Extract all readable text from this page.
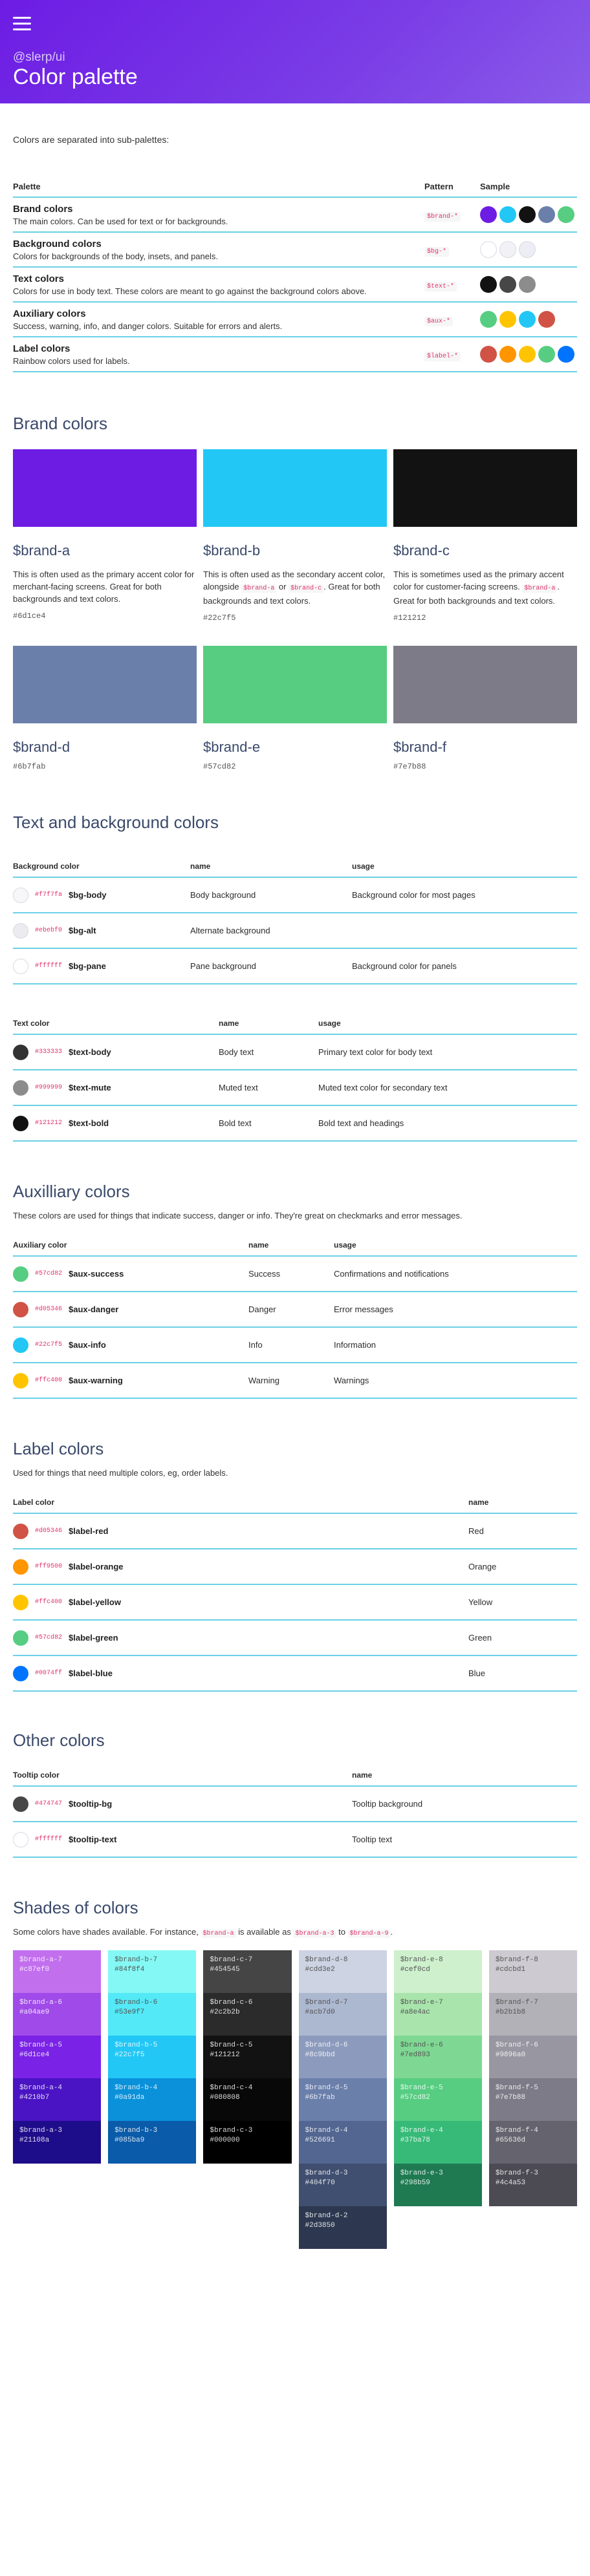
@slerp/ui
Color palette

Colors are separated into sub-palettes:

Palette	Pattern	Sample
Brand colors
The main colors. Can be used for text or for backgrounds.	$brand-*
Background colors
Colors for backgrounds of the body, insets, and panels.	$bg-*
Text colors
Colors for use in body text. These colors are meant to go against the background colors above.	$text-*
Auxiliary colors
Success, warning, info, and danger colors. Suitable for errors and alerts.	$aux-*
Label colors
Rainbow colors used for labels.	$label-*
Brand colors
$brand-a
This is often used as the primary accent color for merchant-facing screens. Great for both backgrounds and text colors.
#6d1ce4
$brand-b
This is often used as the secondary accent color, alongside $brand-a or $brand-c . Great for both backgrounds and text colors.
#22c7f5
$brand-c
This is sometimes used as the primary accent color for customer-facing screens. $brand-a . Great for both backgrounds and text colors.
#121212
$brand-d
#6b7fab
$brand-e
#57cd82
$brand-f
#7e7b88
Text and background colors
Background color	name	usage
#f7f7fa $bg-body	Body background	Background color for most pages
#ebebf0 $bg-alt	Alternate background
#ffffff $bg-pane	Pane background	Background color for panels
Text color	name	usage
#333333 $text-body	Body text	Primary text color for body text
#999999 $text-mute	Muted text	Muted text color for secondary text
#121212 $text-bold	Bold text	Bold text and headings
Auxilliary colors

These colors are used for things that indicate success, danger or info. They're great on checkmarks and error messages.

Auxiliary color	name	usage
#57cd82 $aux-success	Success	Confirmations and notifications
#d05346 $aux-danger	Danger	Error messages
#22c7f5 $aux-info	Info	Information
#ffc400 $aux-warning	Warning	Warnings
Label colors

Used for things that need multiple colors, eg, order labels.

Label color	name
#d05346 $label-red	Red
#ff9500 $label-orange	Orange
#ffc400 $label-yellow	Yellow
#57cd82 $label-green	Green
#0074ff $label-blue	Blue
Other colors
Tooltip color	name
#474747 $tooltip-bg	Tooltip background
#ffffff $tooltip-text	Tooltip text
Shades of colors

Some colors have shades available. For instance, $brand-a is available as $brand-a-3 to $brand-a-9 .

$brand-a-7
#c87ef0
$brand-a-6
#a04ae9
$brand-a-5
#6d1ce4
$brand-a-4
#4210b7
$brand-a-3
#21108a
$brand-b-7
#84f8f4
$brand-b-6
#53e9f7
$brand-b-5
#22c7f5
$brand-b-4
#0a91da
$brand-b-3
#085ba9
$brand-c-7
#454545
$brand-c-6
#2c2b2b
$brand-c-5
#121212
$brand-c-4
#080808
$brand-c-3
#000000
$brand-d-8
#cdd3e2
$brand-d-7
#acb7d0
$brand-d-6
#8c9bbd
$brand-d-5
#6b7fab
$brand-d-4
#526691
$brand-d-3
#404f70
$brand-d-2
#2d3850
$brand-e-8
#cef0cd
$brand-e-7
#a8e4ac
$brand-e-6
#7ed893
$brand-e-5
#57cd82
$brand-e-4
#37ba78
$brand-e-3
#298b59
$brand-f-8
#cdcbd1
$brand-f-7
#b2b1b8
$brand-f-6
#9896a0
$brand-f-5
#7e7b88
$brand-f-4
#65636d
$brand-f-3
#4c4a53
